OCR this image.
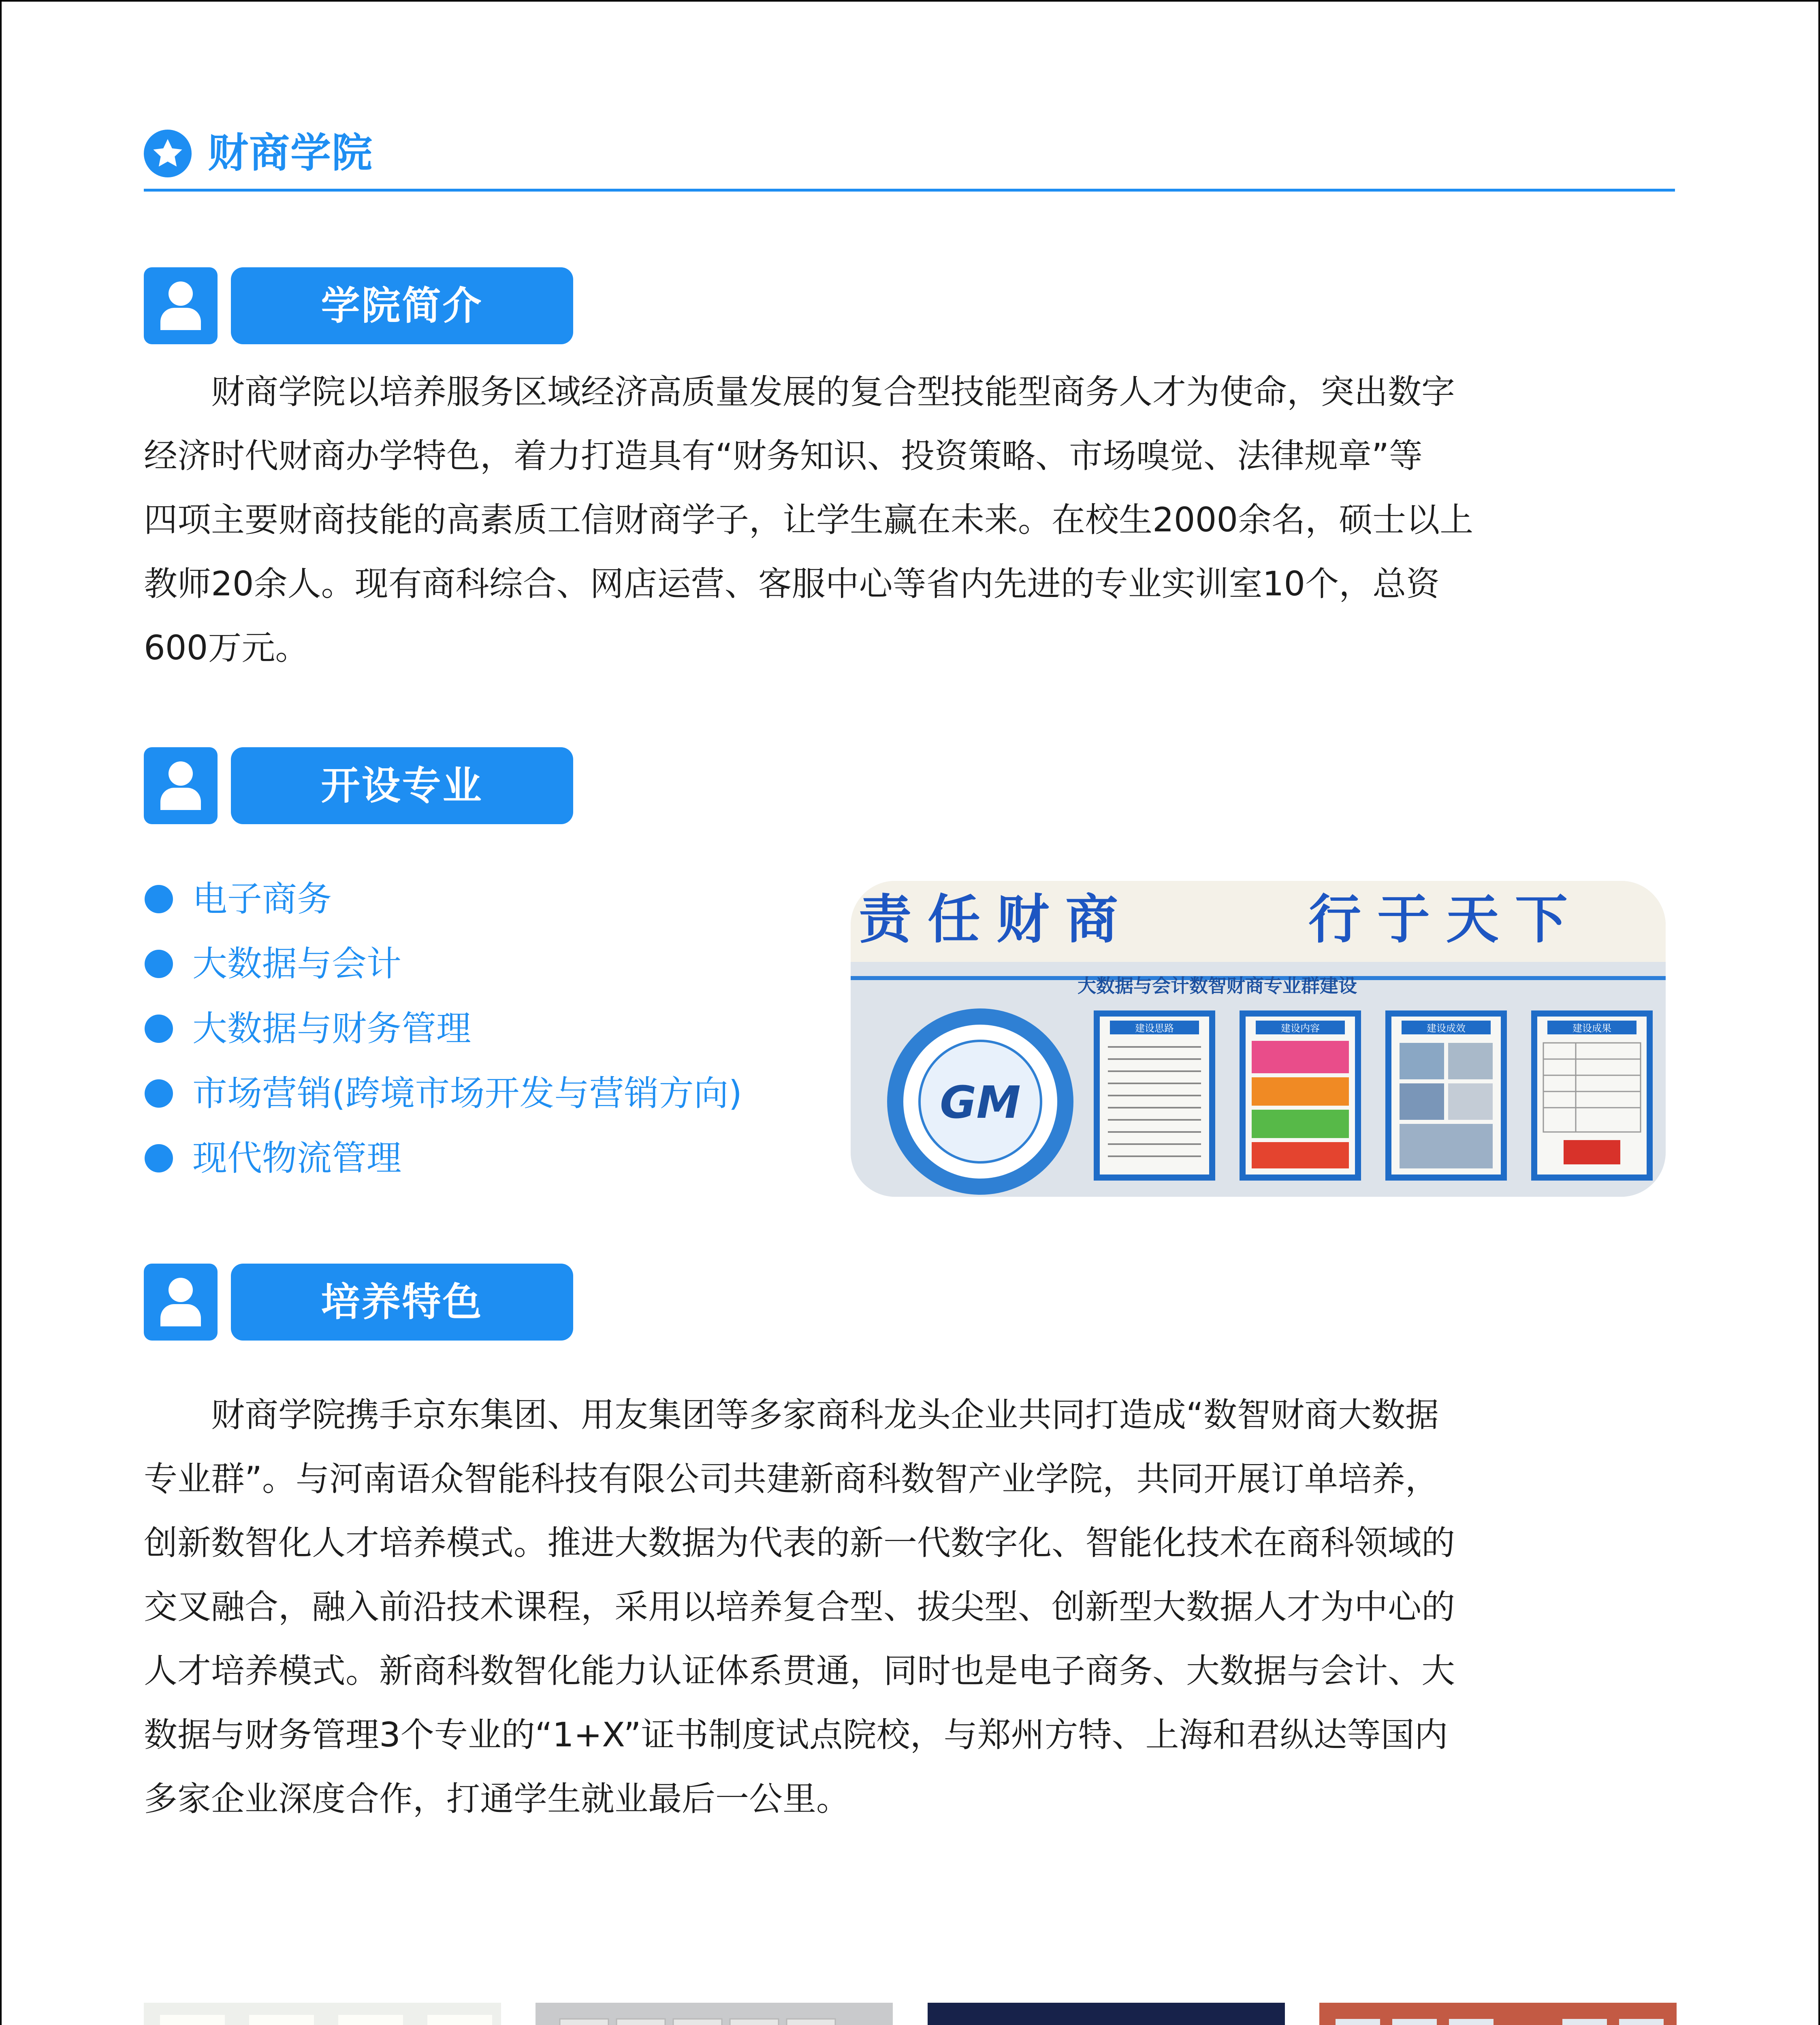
财商学院
学院简介
　　财商学院以培养服务区域经济高质量发展的复合型技能型商务人才为使命，突出数字
经济时代财商办学特色，着力打造具有“财务知识、投资策略、市场嗅觉、法律规章”等
四项主要财商技能的高素质工信财商学子，让学生赢在未来。在校生2000余名，硕士以上
教师20余人。现有商科综合、网店运营、客服中心等省内先进的专业实训室10个，总资
600万元。
开设专业
电子商务
大数据与会计
大数据与财务管理
市场营销(跨境市场开发与营销方向)
现代物流管理
责任财商	行于天下
大数据与会计数智财商专业群建设
GM
建设思路	建设内容	建设成效	建设成果
培养特色
　　财商学院携手京东集团、用友集团等多家商科龙头企业共同打造成“数智财商大数据
专业群”。与河南语众智能科技有限公司共建新商科数智产业学院，共同开展订单培养，
创新数智化人才培养模式。推进大数据为代表的新一代数字化、智能化技术在商科领域的
交叉融合，融入前沿技术课程，采用以培养复合型、拔尖型、创新型大数据人才为中心的
人才培养模式。新商科数智化能力认证体系贯通，同时也是电子商务、大数据与会计、大
数据与财务管理3个专业的“1+X”证书制度试点院校，与郑州方特、上海和君纵达等国内
多家企业深度合作，打通学生就业最后一公里。
